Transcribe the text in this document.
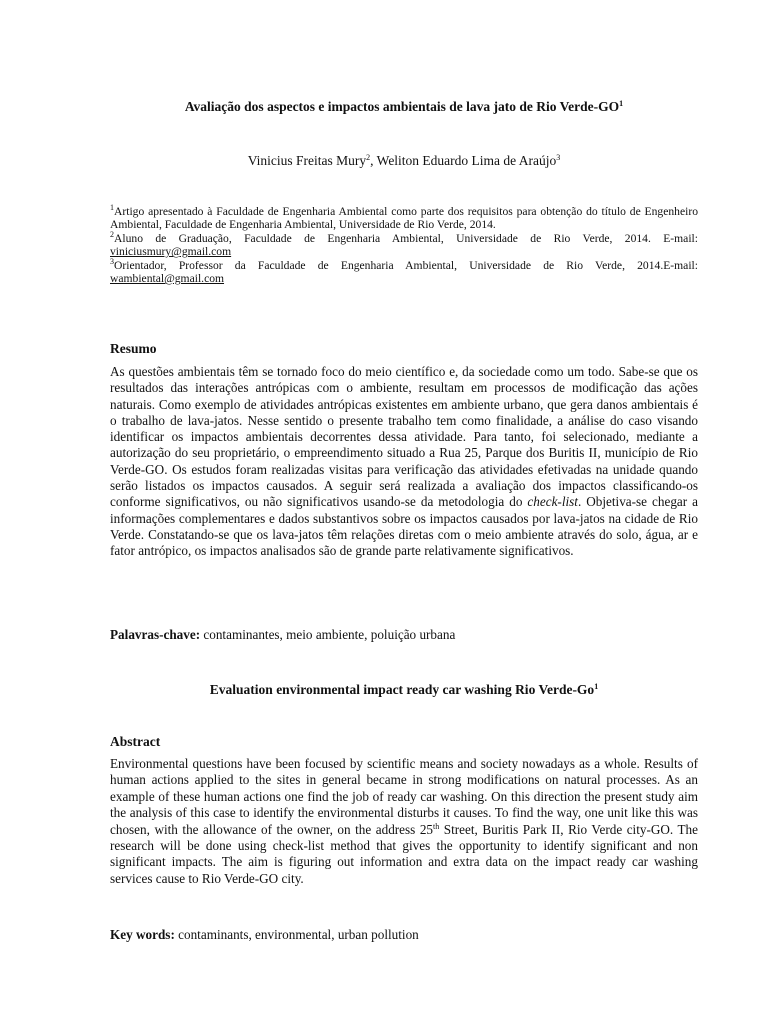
Avaliação dos aspectos e impactos ambientais de lava jato de Rio Verde-$GO^1$
Vinicius Freitas Mury$^2$, Weliton Eduardo Lima de Araújo$^3$
$^1$Artigo apresentado à Faculdade de Engenharia Ambiental como parte dos requisitos para obtenção do título de Engenheiro Ambiental, Faculdade de Engenharia Ambiental, Universidade de Rio Verde, 2014.
$^2$Aluno de Graduação, Faculdade de Engenharia Ambiental, Universidade de Rio Verde, 2014. E-mail: viniciusmury@gmail.com
$^3$Orientador, Professor da Faculdade de Engenharia Ambiental, Universidade de Rio Verde, 2014.E-mail: wambiental@gmail.com
Resumo
As questões ambientais têm se tornado foco do meio científico e, da sociedade como um todo. Sabe-se que os resultados das interações antrópicas com o ambiente, resultam em processos de modificação das ações naturais. Como exemplo de atividades antrópicas existentes em ambiente urbano, que gera danos ambientais é o trabalho de lava-jatos. Nesse sentido o presente trabalho tem como finalidade, a análise do caso visando identificar os impactos ambientais decorrentes dessa atividade. Para tanto, foi selecionado, mediante a autorização do seu proprietário, o empreendimento situado a Rua 25, Parque dos Buritis II, município de Rio Verde-GO. Os estudos foram realizadas visitas para verificação das atividades efetivadas na unidade quando serão listados os impactos causados. A seguir será realizada a avaliação dos impactos classificando-os conforme significativos, ou não significativos usando-se da metodologia do check-list. Objetiva-se chegar a informações complementares e dados substantivos sobre os impactos causados por lava-jatos na cidade de Rio Verde. Constatando-se que os lava-jatos têm relações diretas com o meio ambiente através do solo, água, ar e fator antrópico, os impactos analisados são de grande parte relativamente significativos.
Palavras-chave: contaminantes, meio ambiente, poluição urbana
Evaluation environmental impact ready car washing Rio Verde-Go$^1$
Abstract
Environmental questions have been focused by scientific means and society nowadays as a whole. Results of human actions applied to the sites in general became in strong modifications on natural processes. As an example of these human actions one find the job of ready car washing. On this direction the present study aim the analysis of this case to identify the environmental disturbs it causes. To find the way, one unit like this was chosen, with the allowance of the owner, on the address 25th Street, Buritis Park II, Rio Verde city-GO. The research will be done using check-list method that gives the opportunity to identify significant and non significant impacts. The aim is figuring out information and extra data on the impact ready car washing services cause to Rio Verde-GO city.
Key words: contaminants, environmental, urban pollution
